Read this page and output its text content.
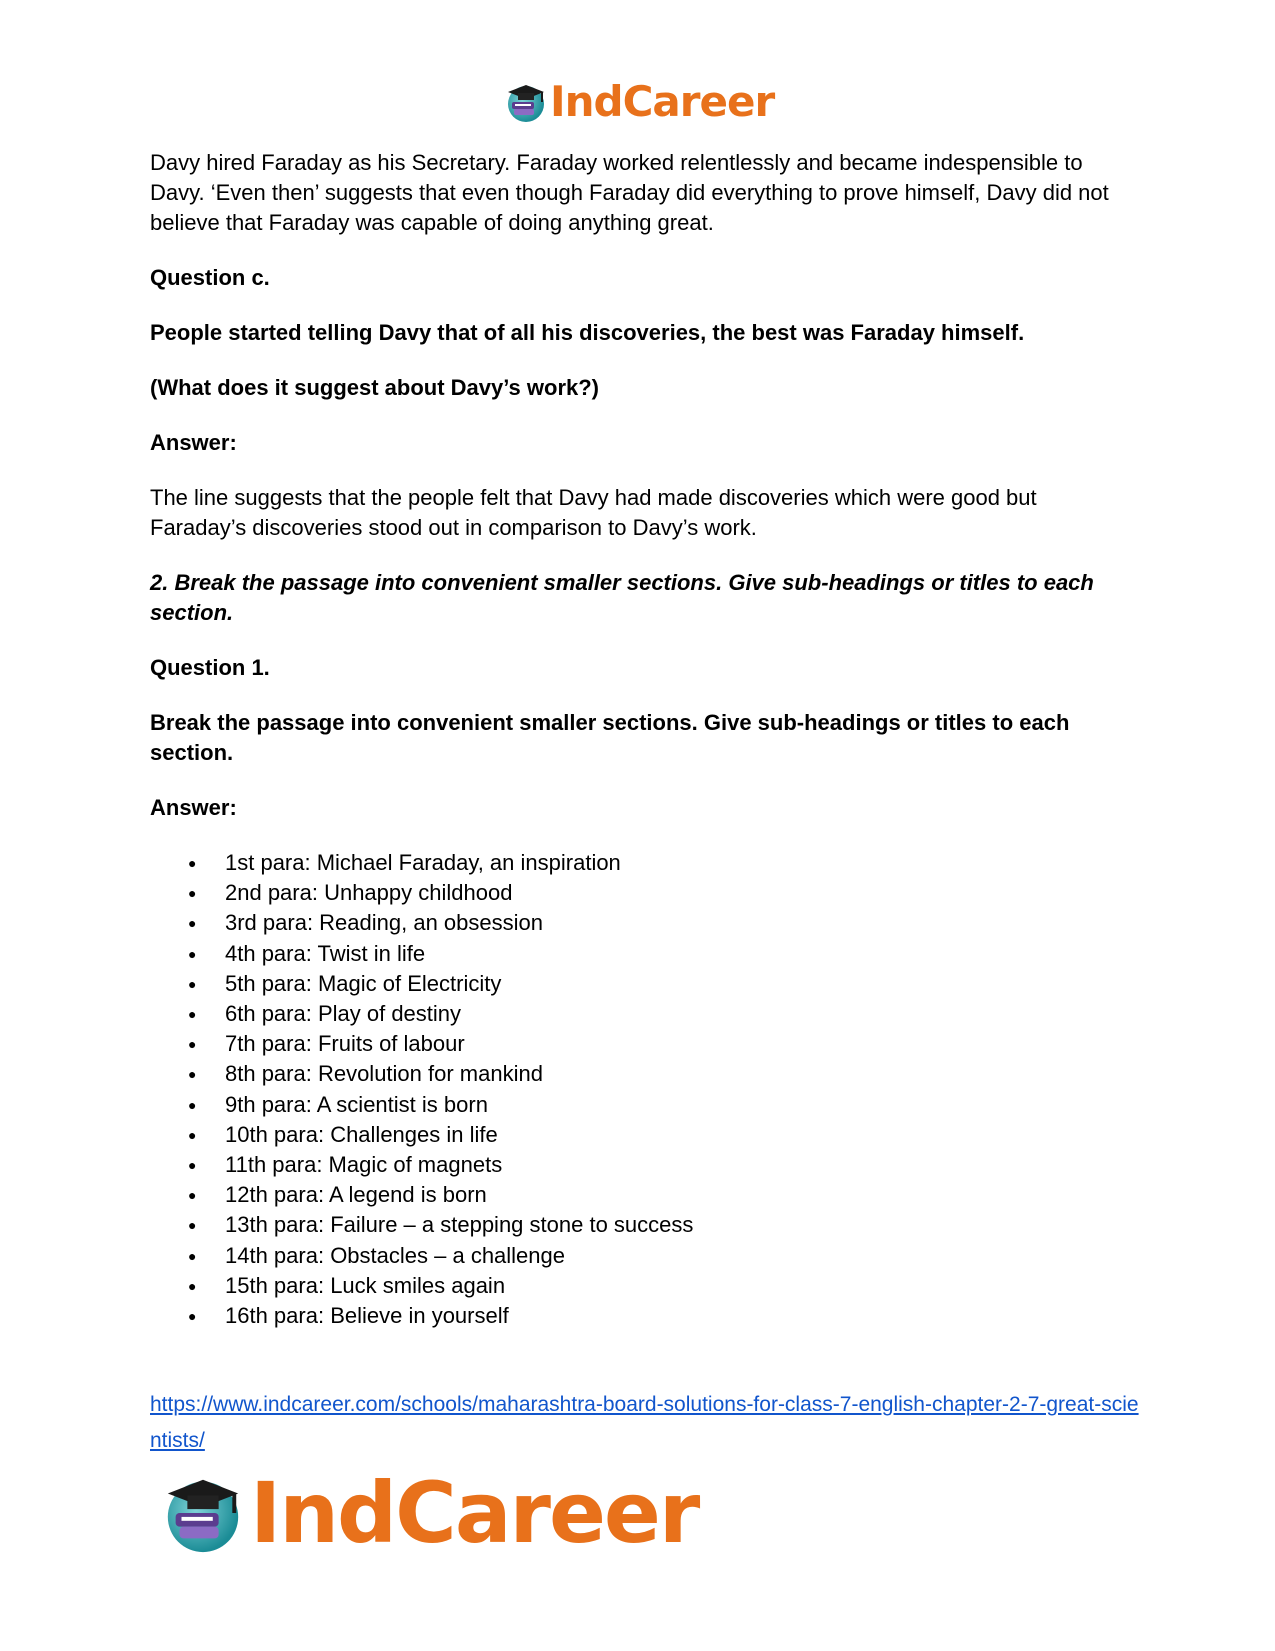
IndCareer

Davy hired Faraday as his Secretary. Faraday worked relentlessly and became indespensible to Davy. ‘Even then’ suggests that even though Faraday did everything to prove himself, Davy did not believe that Faraday was capable of doing anything great.

Question c.

People started telling Davy that of all his discoveries, the best was Faraday himself.

(What does it suggest about Davy’s work?)

Answer:

The line suggests that the people felt that Davy had made discoveries which were good but Faraday’s discoveries stood out in comparison to Davy’s work.

2. Break the passage into convenient smaller sections. Give sub-headings or titles to each section.

Question 1.

Break the passage into convenient smaller sections. Give sub-headings or titles to each section.

Answer:

● 1st para: Michael Faraday, an inspiration
● 2nd para: Unhappy childhood
● 3rd para: Reading, an obsession
● 4th para: Twist in life
● 5th para: Magic of Electricity
● 6th para: Play of destiny
● 7th para: Fruits of labour
● 8th para: Revolution for mankind
● 9th para: A scientist is born
● 10th para: Challenges in life
● 11th para: Magic of magnets
● 12th para: A legend is born
● 13th para: Failure – a stepping stone to success
● 14th para: Obstacles – a challenge
● 15th para: Luck smiles again
● 16th para: Believe in yourself
https://www.indcareer.com/schools/maharashtra-board-solutions-for-class-7-english-chapter-2-7-great-scientists/
IndCareer
